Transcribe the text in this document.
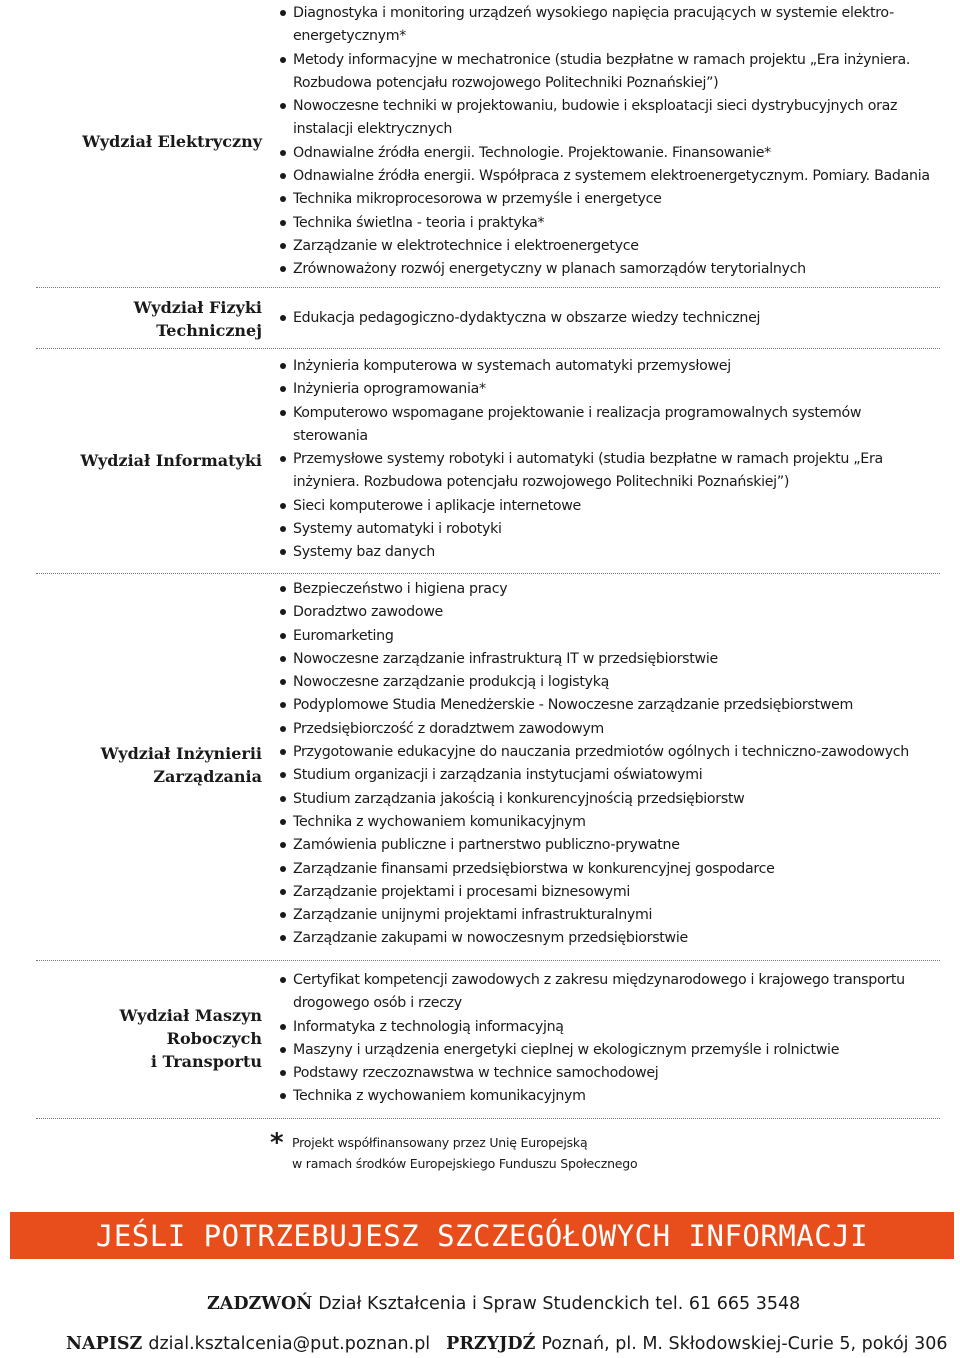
Wydział Elektryczny
Diagnostyka i monitoring urządzeń wysokiego napięcia pracujących w systemie elektro-energetycznym*
Metody informacyjne w mechatronice (studia bezpłatne w ramach projektu „Era inżyniera. Rozbudowa potencjału rozwojowego Politechniki Poznańskiej”)
Nowoczesne techniki w projektowaniu, budowie i eksploatacji sieci dystrybucyjnych oraz instalacji elektrycznych
Odnawialne źródła energii. Technologie. Projektowanie. Finansowanie*
Odnawialne źródła energii. Współpraca z systemem elektroenergetycznym. Pomiary. Badania
Technika mikroprocesorowa w przemyśle i energetyce
Technika świetlna - teoria i praktyka*
Zarządzanie w elektrotechnice i elektroenergetyce
Zrównoważony rozwój energetyczny w planach samorządów terytorialnych
Wydział Fizyki
Technicznej
Edukacja pedagogiczno-dydaktyczna w obszarze wiedzy technicznej
Wydział Informatyki
Inżynieria komputerowa w systemach automatyki przemysłowej
Inżynieria oprogramowania*
Komputerowo wspomagane projektowanie i realizacja programowalnych systemów sterowania
Przemysłowe systemy robotyki i automatyki (studia bezpłatne w ramach projektu „Era inżyniera. Rozbudowa potencjału rozwojowego Politechniki Poznańskiej”)
Sieci komputerowe i aplikacje internetowe
Systemy automatyki i robotyki
Systemy baz danych
Wydział Inżynierii
Zarządzania
Bezpieczeństwo i higiena pracy
Doradztwo zawodowe
Euromarketing
Nowoczesne zarządzanie infrastrukturą IT w przedsiębiorstwie
Nowoczesne zarządzanie produkcją i logistyką
Podyplomowe Studia Menedżerskie - Nowoczesne zarządzanie przedsiębiorstwem
Przedsiębiorczość z doradztwem zawodowym
Przygotowanie edukacyjne do nauczania przedmiotów ogólnych i techniczno-zawodowych
Studium organizacji i zarządzania instytucjami oświatowymi
Studium zarządzania jakością i konkurencyjnością przedsiębiorstw
Technika z wychowaniem komunikacyjnym
Zamówienia publiczne i partnerstwo publiczno-prywatne
Zarządzanie finansami przedsiębiorstwa w konkurencyjnej gospodarce
Zarządzanie projektami i procesami biznesowymi
Zarządzanie unijnymi projektami infrastrukturalnymi
Zarządzanie zakupami w nowoczesnym przedsiębiorstwie
Wydział Maszyn
Roboczych
i Transportu
Certyfikat kompetencji zawodowych z zakresu międzynarodowego i krajowego transportu drogowego osób i rzeczy
Informatyka z technologią informacyjną
Maszyny i urządzenia energetyki cieplnej w ekologicznym przemyśle i rolnictwie
Podstawy rzeczoznawstwa w technice samochodowej
Technika z wychowaniem komunikacyjnym
* Projekt współfinansowany przez Unię Europejską
w ramach środków Europejskiego Funduszu Społecznego
JEŚLI POTRZEBUJESZ SZCZEGÓŁOWYCH INFORMACJI
ZADZWOŃ Dział Kształcenia i Spraw Studenckich tel. 61 665 3548
NAPISZ dzial.ksztalcenia@put.poznan.pl PRZYJDŹ Poznań, pl. M. Skłodowskiej-Curie 5, pokój 306
